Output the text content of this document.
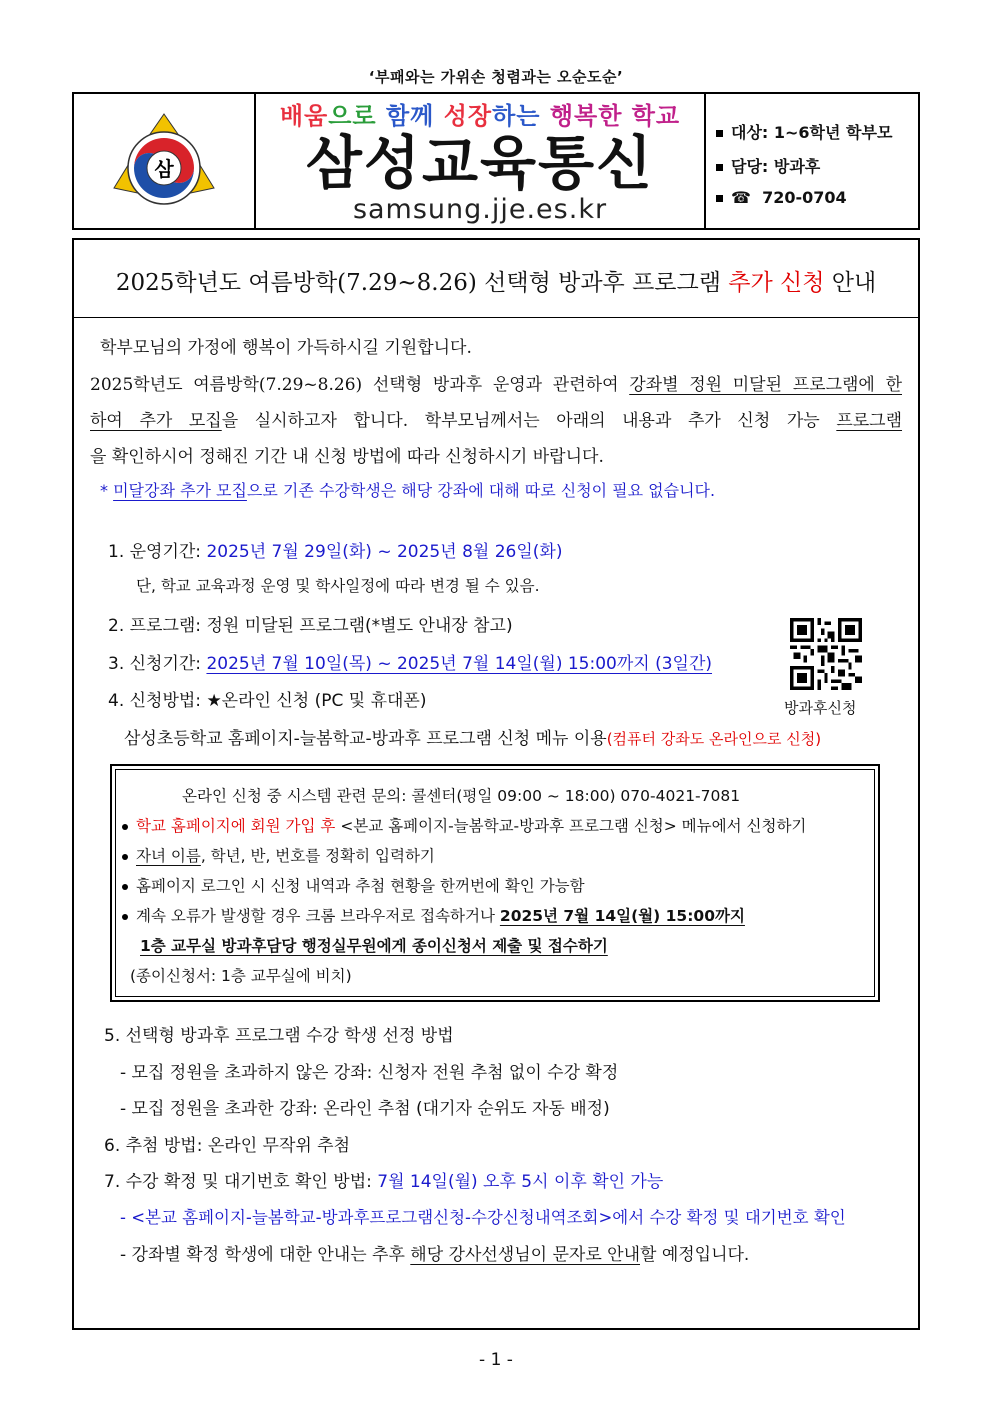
‘부패와는 가위손 청렴과는 오순도순’
삼
배움으로 함께 성장하는 행복한 학교
삼성교육통신
samsung.jje.es.kr
대상: 1~6학년 학부모
담당: 방과후
☎ 720-0704
2025학년도 여름방학(7.29~8.26) 선택형 방과후 프로그램 추가 신청 안내
학부모님의 가정에 행복이 가득하시길 기원합니다.
2025학년도 여름방학(7.29~8.26) 선택형 방과후 운영과 관련하여 강좌별 정원 미달된 프로그램에 한
하여 추가 모집을 실시하고자 합니다. 학부모님께서는 아래의 내용과 추가 신청 가능 프로그램
을 확인하시어 정해진 기간 내 신청 방법에 따라 신청하시기 바랍니다.
* 미달강좌 추가 모집으로 기존 수강학생은 해당 강좌에 대해 따로 신청이 필요 없습니다.
1. 운영기간: 2025년 7월 29일(화) ~ 2025년 8월 26일(화)
단, 학교 교육과정 운영 및 학사일정에 따라 변경 될 수 있음.
2. 프로그램: 정원 미달된 프로그램(*별도 안내장 참고)
3. 신청기간: 2025년 7월 10일(목) ~ 2025년 7월 14일(월) 15:00까지 (3일간)
4. 신청방법: ★온라인 신청 (PC 및 휴대폰)
삼성초등학교 홈페이지-늘봄학교-방과후 프로그램 신청 메뉴 이용(컴퓨터 강좌도 온라인으로 신청)
방과후신청
온라인 신청 중 시스템 관련 문의: 콜센터(평일 09:00 ~ 18:00) 070-4021-7081
학교 홈페이지에 회원 가입 후 <본교 홈페이지-늘봄학교-방과후 프로그램 신청> 메뉴에서 신청하기
자녀 이름, 학년, 반, 번호를 정확히 입력하기
홈페이지 로그인 시 신청 내역과 추첨 현황을 한꺼번에 확인 가능함
계속 오류가 발생할 경우 크롬 브라우저로 접속하거나 2025년 7월 14일(월) 15:00까지
1층 교무실 방과후담당 행정실무원에게 종이신청서 제출 및 접수하기
(종이신청서: 1층 교무실에 비치)
5. 선택형 방과후 프로그램 수강 학생 선정 방법
- 모집 정원을 초과하지 않은 강좌: 신청자 전원 추첨 없이 수강 확정
- 모집 정원을 초과한 강좌: 온라인 추첨 (대기자 순위도 자동 배정)
6. 추첨 방법: 온라인 무작위 추첨
7. 수강 확정 및 대기번호 확인 방법: 7월 14일(월) 오후 5시 이후 확인 가능
- <본교 홈페이지-늘봄학교-방과후프로그램신청-수강신청내역조회>에서 수강 확정 및 대기번호 확인
- 강좌별 확정 학생에 대한 안내는 추후 해당 강사선생님이 문자로 안내할 예정입니다.
- 1 -
